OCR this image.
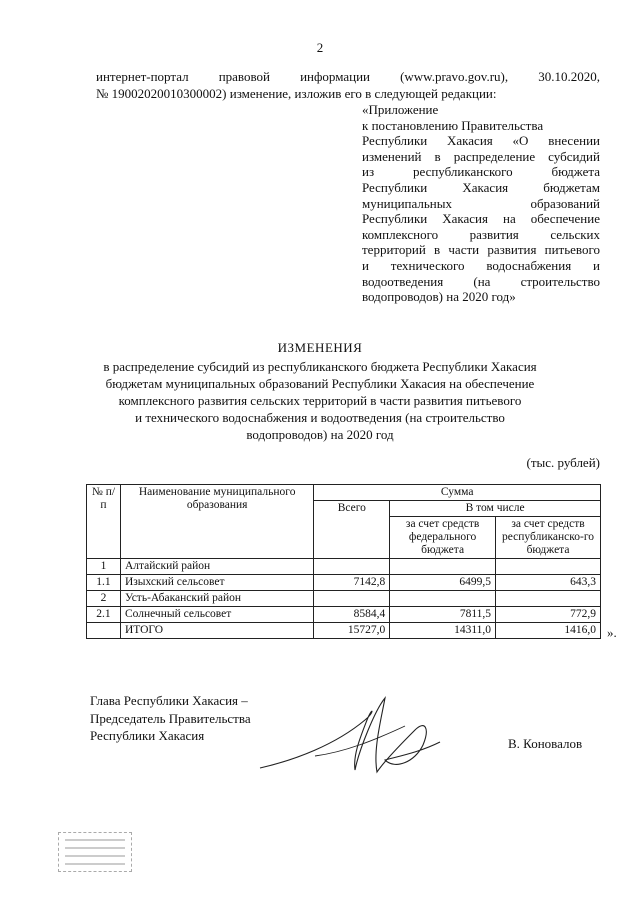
2
интернет-портал правовой информации (www.pravo.gov.ru), 30.10.2020,
№ 19002020010300002) изменение, изложив его в следующей редакции:
«Приложение
к постановлению Правительства
Республики Хакасия «О внесении
изменений в распределение субсидий
из	республиканского	бюджета
Республики	Хакасия	бюджетам
муниципальных	образований
Республики Хакасия на обеспечение
комплексного развития сельских
территорий в части развития питьевого
и технического водоснабжения и
водоотведения (на строительство
водопроводов) на 2020 год»
ИЗМЕНЕНИЯ
в распределение субсидий из республиканского бюджета Республики Хакасия
бюджетам муниципальных образований Республики Хакасия на обеспечение
комплексного развития сельских территорий в части развития питьевого
и технического водоснабжения и водоотведения (на строительство
водопроводов) на 2020 год
(тыс. рублей)
№ п/п	Наименование муниципального образования	Сумма		
		Всего	В том числе	
			за счет средств федерального бюджета	за счет средств республиканско-го бюджета
1	Алтайский район			
1.1	Изыхский сельсовет	7142,8	6499,5	643,3
2	Усть-Абаканский район			
2.1	Солнечный сельсовет	8584,4	7811,5	772,9
	ИТОГО	15727,0	14311,0	1416,0 ».
Глава Республики Хакасия –
Председатель Правительства
Республики Хакасия
В. Коновалов
